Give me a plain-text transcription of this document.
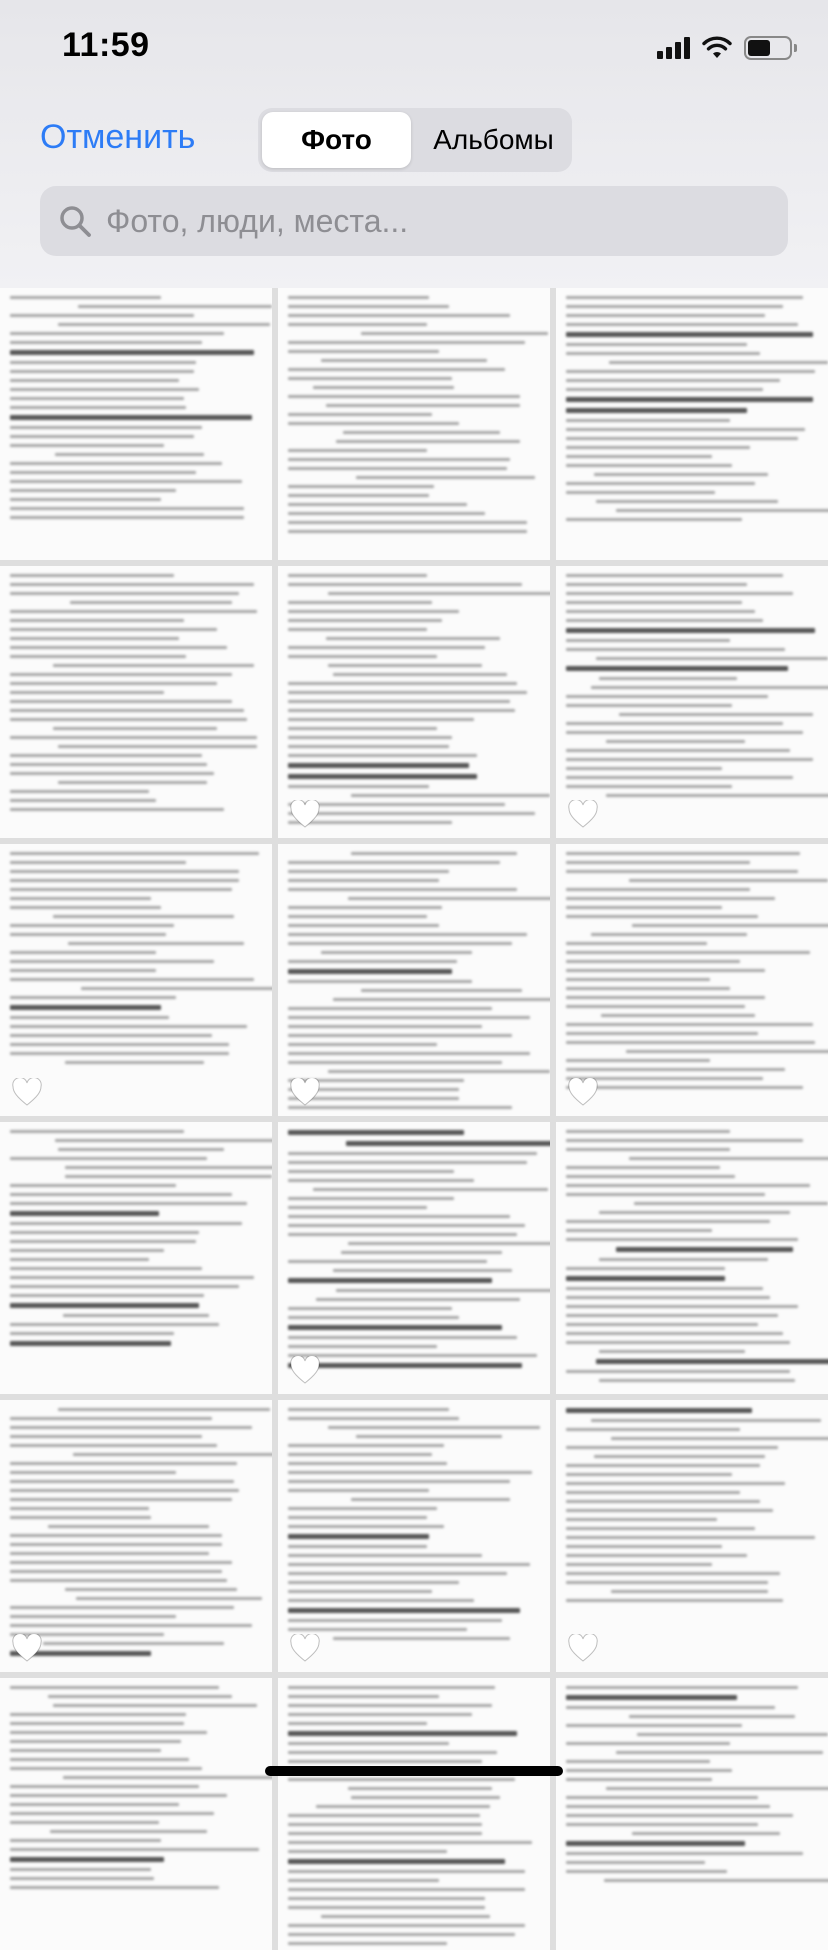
11:59
Отменить	Фото	Альбомы
Фото, люди, места...
